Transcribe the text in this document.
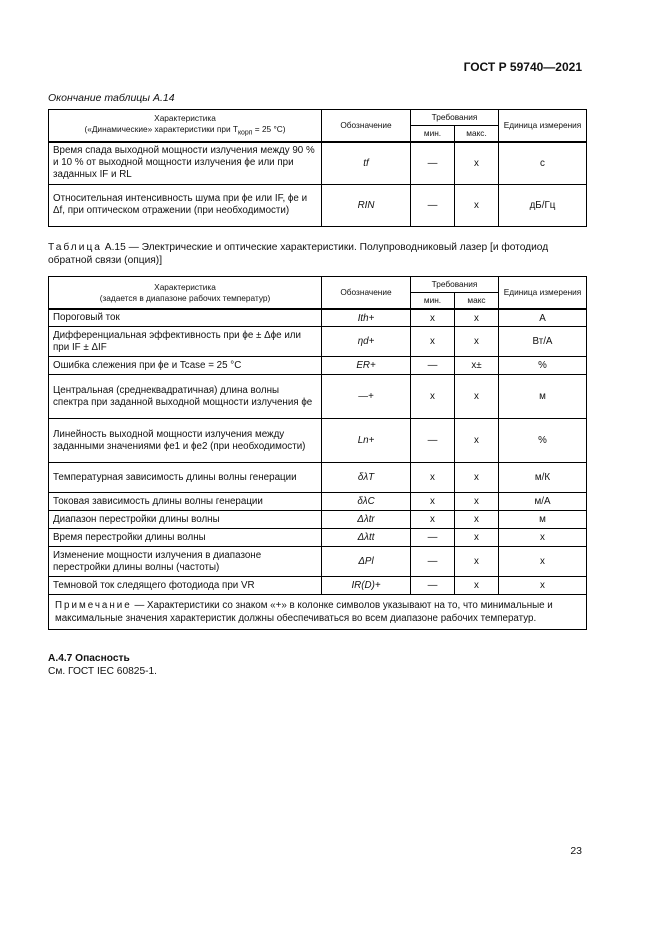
ГОСТ Р 59740—2021
Окончание таблицы А.14
Характеристика
(«Динамические» характеристики при $T_{корп} = 25$ °С)	Обозначение	Требования		Единица измерения
		мин.	макс.	
Время спада выходной мощности излучения между 90 % и 10 % от выходной мощности излучения ϕe или при заданных IF и RL	tf	—	х	с
Относительная интенсивность шума при ϕe или IF, ϕe и Δf, при оптическом отражении (при необходимости)	RIN	—	х	дБ/Гц
Таблица А.15 — Электрические и оптические характеристики. Полупроводниковый лазер [и фотодиод обратной связи (опция)]
Характеристика
(задается в диапазоне рабочих температур)	Обозначение	Требования		Единица измерения
		мин.	макс	
Пороговый ток	Ith+	х	х	А
Дифференциальная эффективность при ϕe ± Δϕe или при IF ± ΔIF	ηd+	х	х	Вт/А
Ошибка слежения при ϕe и Tcase = 25 °С	ER+	—	х±	%
Центральная (среднеквадратичная) длина волны спектра при заданной выходной мощности излучения ϕe	—+	х	х	м
Линейность выходной мощности излучения между заданными значениями ϕe1 и ϕe2 (при необходимости)	Ln+	—	х	%
Температурная зависимость длины волны генерации	δλT	х	х	м/К
Токовая зависимость длины волны генерации	δλC	х	х	м/А
Диапазон перестройки длины волны	Δλtr	х	х	м
Время перестройки длины волны	Δλtt	—	х	х
Изменение мощности излучения в диапазоне перестройки длины волны (частоты)	ΔPl	—	х	х
Темновой ток следящего фотодиода при VR	IR(D)+	—	х	х
Примечание — Характеристики со знаком «+» в колонке символов указывают на то, что минимальные и максимальные значения характеристик должны обеспечиваться во всем диапазоне рабочих температур.				
А.4.7 Опасность
См. ГОСТ IEC 60825-1.
23
